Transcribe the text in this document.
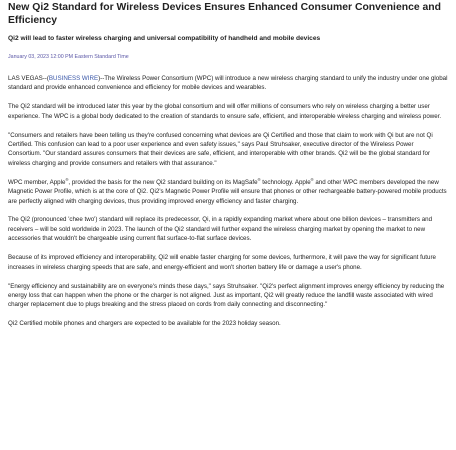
New Qi2 Standard for Wireless Devices Ensures Enhanced Consumer Convenience and Efficiency
Qi2 will lead to faster wireless charging and universal compatibility of handheld and mobile devices
January 03, 2023 12:00 PM Eastern Standard Time

LAS VEGAS--(BUSINESS WIRE)--The Wireless Power Consortium (WPC) will introduce a new wireless charging standard to unify the industry under one global standard and provide enhanced convenience and efficiency for mobile devices and wearables.

The Qi2 standard will be introduced later this year by the global consortium and will offer millions of consumers who rely on wireless charging a better user experience. The WPC is a global body dedicated to the creation of standards to ensure safe, efficient, and interoperable wireless charging and wireless power.

"Consumers and retailers have been telling us they're confused concerning what devices are Qi Certified and those that claim to work with Qi but are not Qi Certified. This confusion can lead to a poor user experience and even safety issues," says Paul Struhsaker, executive director of the Wireless Power Consortium. "Our standard assures consumers that their devices are safe, efficient, and interoperable with other brands. Qi2 will be the global standard for wireless charging and provide consumers and retailers with that assurance."

WPC member, Apple®, provided the basis for the new Qi2 standard building on its MagSafe® technology. Apple® and other WPC members developed the new Magnetic Power Profile, which is at the core of Qi2. Qi2's Magnetic Power Profile will ensure that phones or other rechargeable battery-powered mobile products are perfectly aligned with charging devices, thus providing improved energy efficiency and faster charging.

The Qi2 (pronounced 'chee two') standard will replace its predecessor, Qi, in a rapidly expanding market where about one billion devices – transmitters and receivers – will be sold worldwide in 2023. The launch of the Qi2 standard will further expand the wireless charging market by opening the market to new accessories that wouldn't be chargeable using current flat surface-to-flat surface devices.

Because of its improved efficiency and interoperability, Qi2 will enable faster charging for some devices, furthermore, it will pave the way for significant future increases in wireless charging speeds that are safe, and energy-efficient and won't shorten battery life or damage a user's phone.

"Energy efficiency and sustainability are on everyone's minds these days," says Struhsaker. "Qi2's perfect alignment improves energy efficiency by reducing the energy loss that can happen when the phone or the charger is not aligned. Just as important, Qi2 will greatly reduce the landfill waste associated with wired charger replacement due to plugs breaking and the stress placed on cords from daily connecting and disconnecting."

Qi2 Certified mobile phones and chargers are expected to be available for the 2023 holiday season.
